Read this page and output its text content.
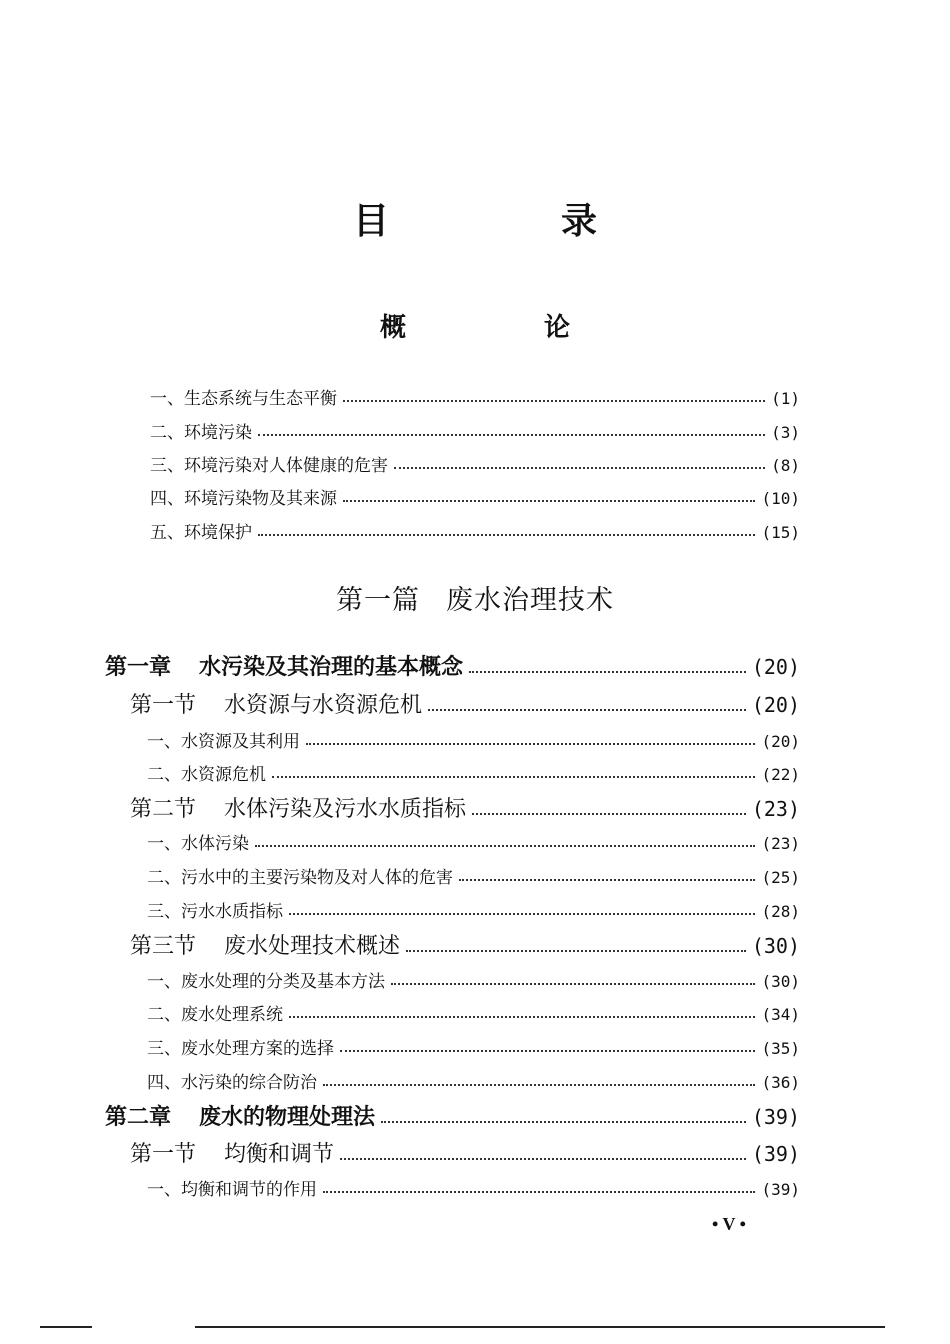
目　录
概　论
一、生态系统与生态平衡	(1)
二、环境污染	(3)
三、环境污染对人体健康的危害	(8)
四、环境污染物及其来源	(10)
五、环境保护	(15)
第一篇 废水治理技术
第一章 水污染及其治理的基本概念	(20)
第一节 水资源与水资源危机	(20)
一、水资源及其利用	(20)
二、水资源危机	(22)
第二节 水体污染及污水水质指标	(23)
一、水体污染	(23)
二、污水中的主要污染物及对人体的危害	(25)
三、污水水质指标	(28)
第三节 废水处理技术概述	(30)
一、废水处理的分类及基本方法	(30)
二、废水处理系统	(34)
三、废水处理方案的选择	(35)
四、水污染的综合防治	(36)
第二章 废水的物理处理法	(39)
第一节 均衡和调节	(39)
一、均衡和调节的作用	(39)
• V •
